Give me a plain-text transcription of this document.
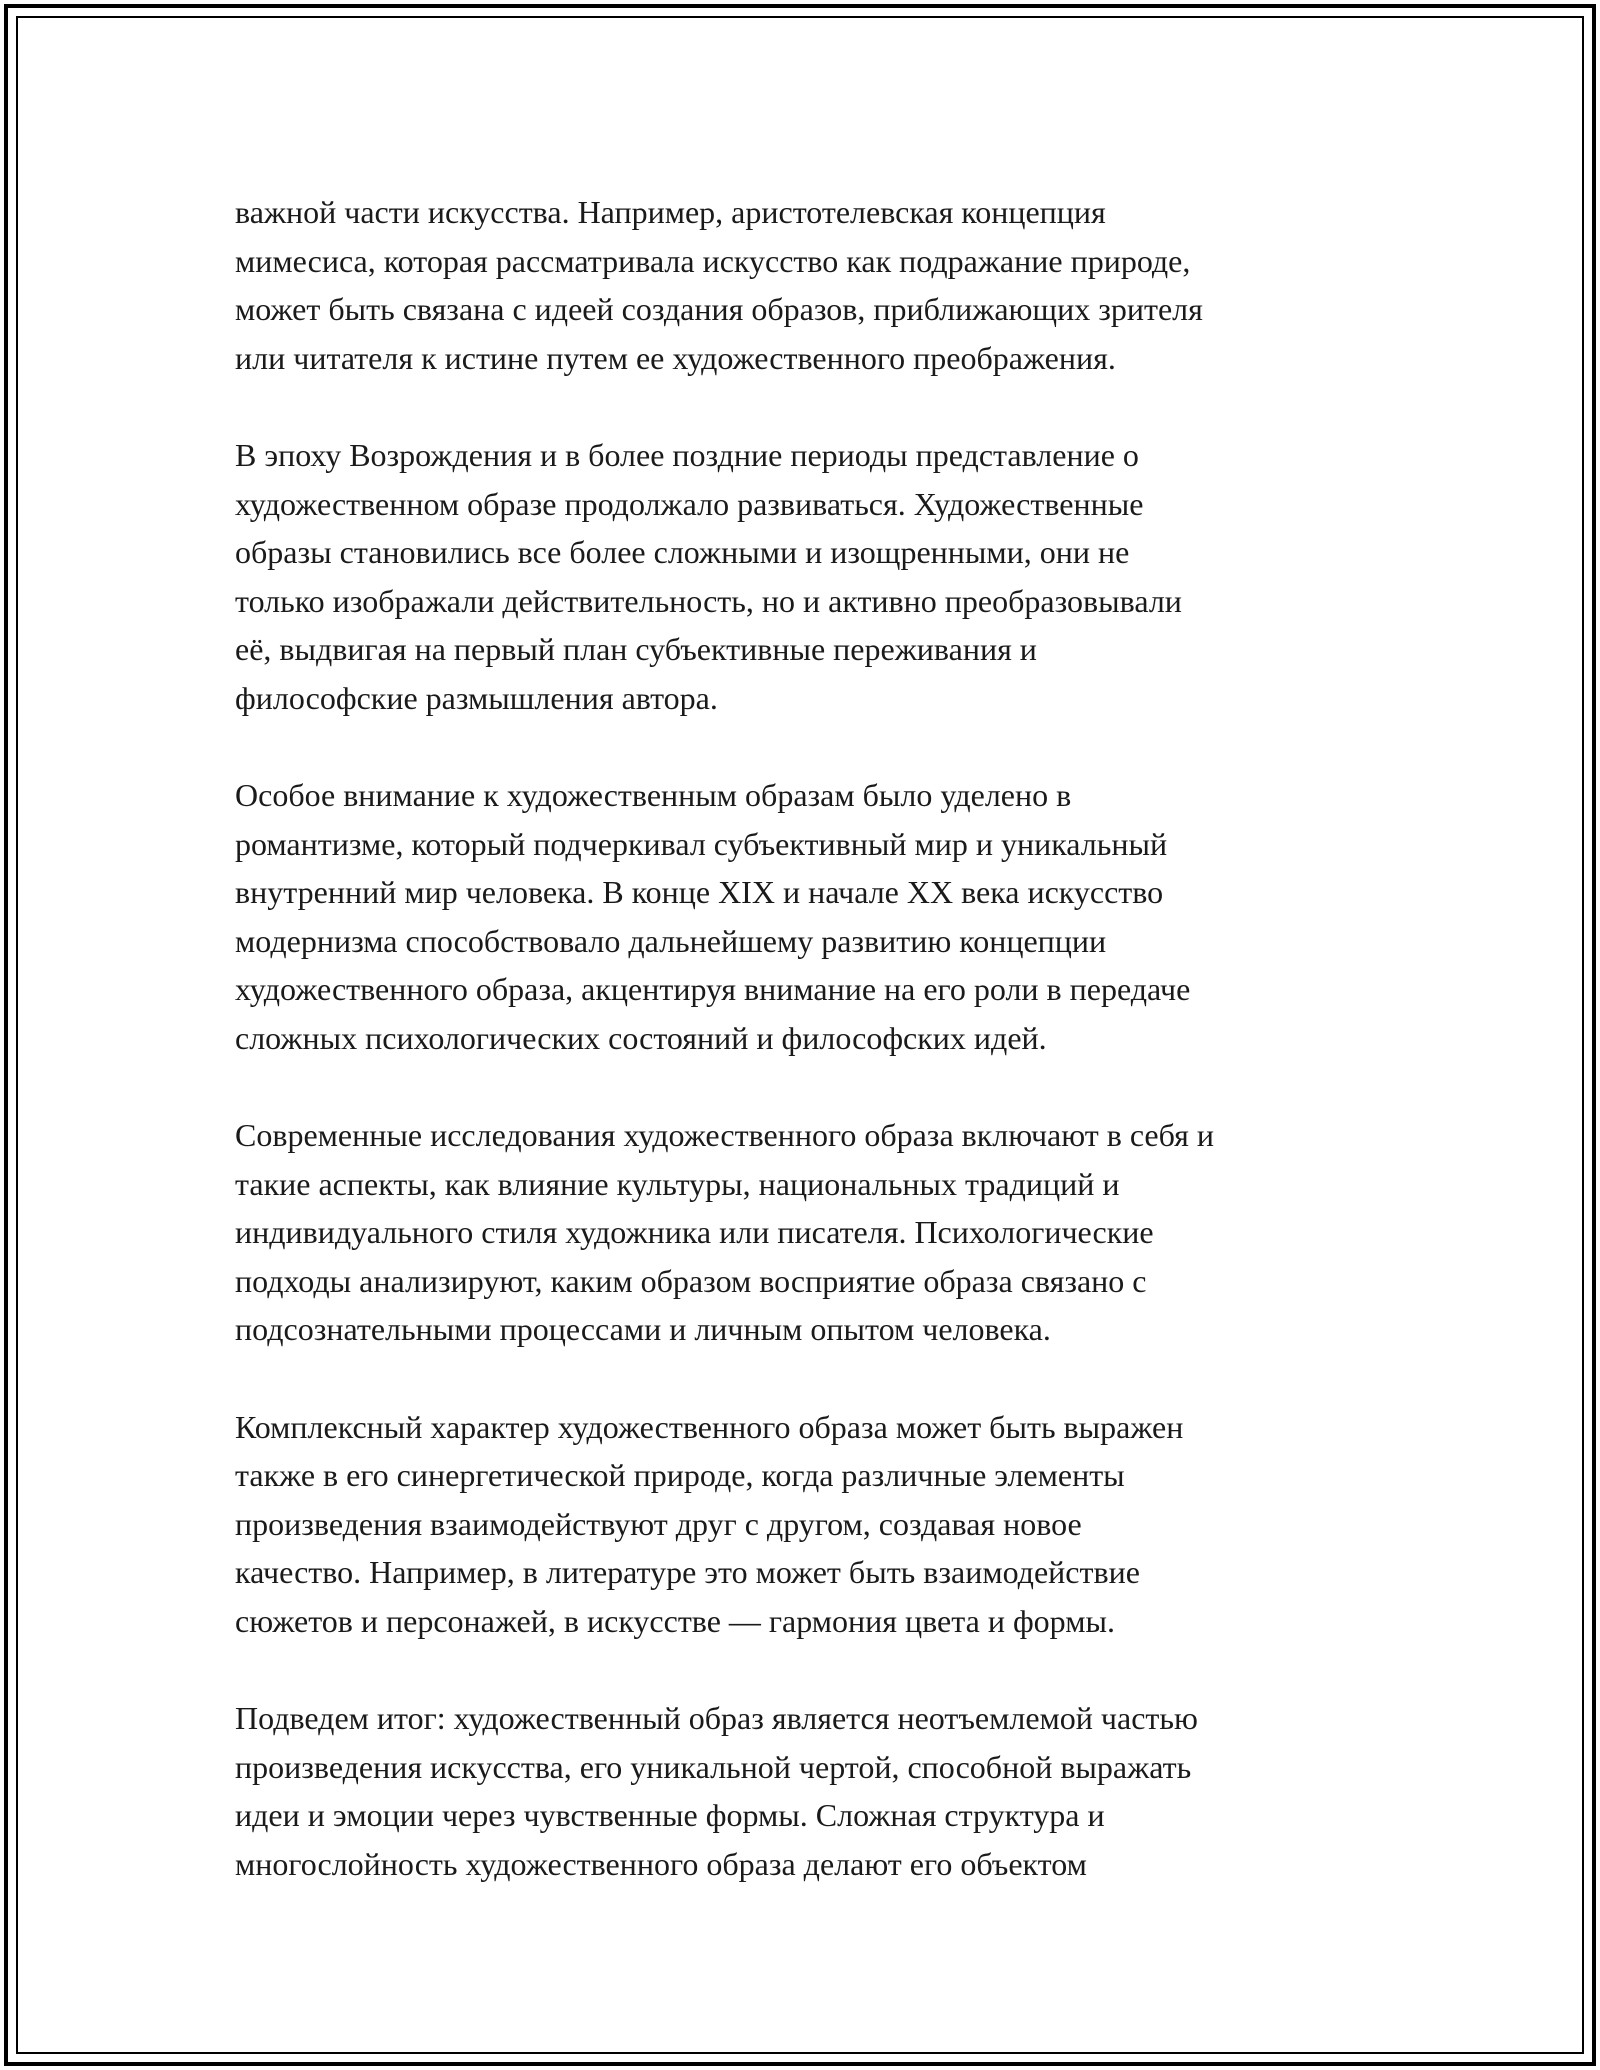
важной части искусства. Например, аристотелевская концепция
мимесиса, которая рассматривала искусство как подражание природе,
может быть связана с идеей создания образов, приближающих зрителя
или читателя к истине путем ее художественного преображения.

В эпоху Возрождения и в более поздние периоды представление о
художественном образе продолжало развиваться. Художественные
образы становились все более сложными и изощренными, они не
только изображали действительность, но и активно преобразовывали
её, выдвигая на первый план субъективные переживания и
философские размышления автора.

Особое внимание к художественным образам было уделено в
романтизме, который подчеркивал субъективный мир и уникальный
внутренний мир человека. В конце XIX и начале XX века искусство
модернизма способствовало дальнейшему развитию концепции
художественного образа, акцентируя внимание на его роли в передаче
сложных психологических состояний и философских идей.

Современные исследования художественного образа включают в себя и
такие аспекты, как влияние культуры, национальных традиций и
индивидуального стиля художника или писателя. Психологические
подходы анализируют, каким образом восприятие образа связано с
подсознательными процессами и личным опытом человека.

Комплексный характер художественного образа может быть выражен
также в его синергетической природе, когда различные элементы
произведения взаимодействуют друг с другом, создавая новое
качество. Например, в литературе это может быть взаимодействие
сюжетов и персонажей, в искусстве — гармония цвета и формы.

Подведем итог: художественный образ является неотъемлемой частью
произведения искусства, его уникальной чертой, способной выражать
идеи и эмоции через чувственные формы. Сложная структура и
многослойность художественного образа делают его объектом
